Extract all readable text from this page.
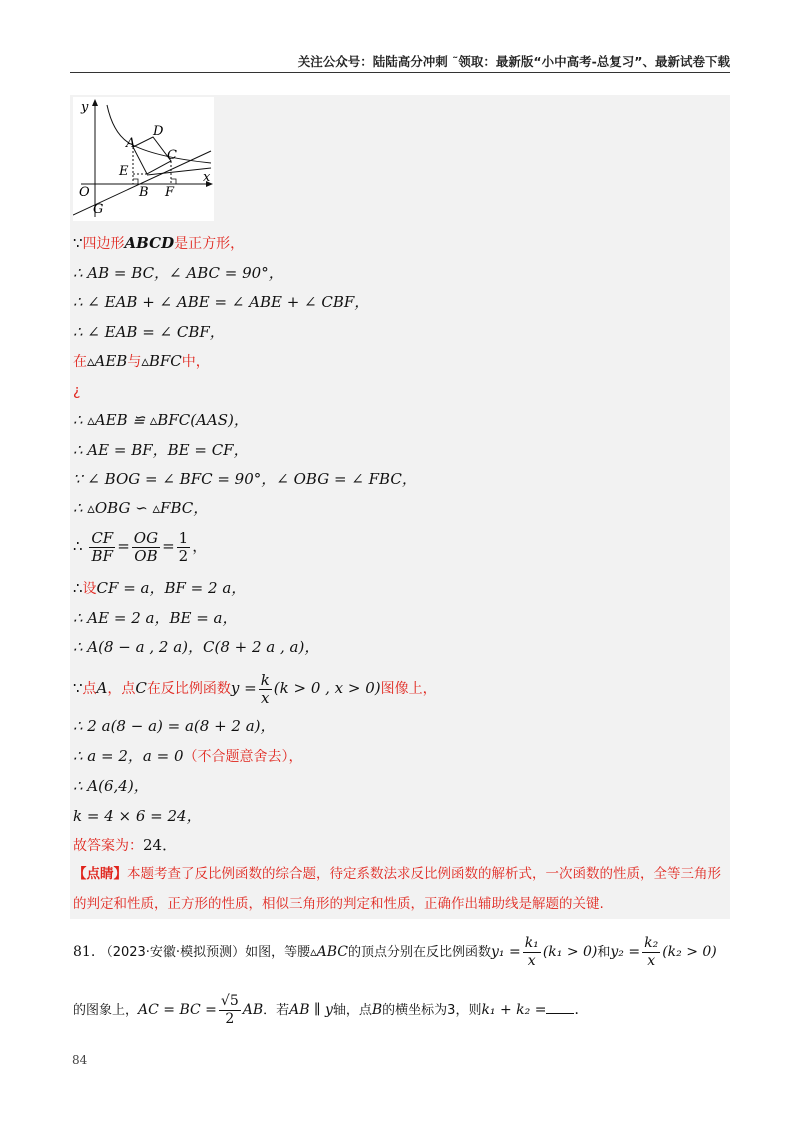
关注公众号：陆陆高分冲刺 ˜领取：最新版“小中高考-总复习”、最新试卷下载
y
x
O
A
B
C
D
E
F
G
∵四边形ABCD是正方形，
∴ AB = BC，∠ ABC = 90°，
∴ ∠ EAB + ∠ ABE = ∠ ABE + ∠ CBF，
∴ ∠ EAB = ∠ CBF，
在▵AEB与▵BFC中，
¿
∴ ▵AEB ≌ ▵BFC(AAS)，
∴ AE = BF，BE = CF，
∵ ∠ BOG = ∠ BFC = 90°，∠ OBG = ∠ FBC，
∴ ▵OBG ∽ ▵FBC，
∴ $\frac{CF}{BF} = \frac{OG}{OB} = \frac{1}{2}$ ，
∴设CF = a，BF = 2 a，
∴ AE = 2 a，BE = a，
∴ A(8 − a , 2 a)，C(8 + 2 a , a)，
∵点A，点C在反比例函数$y = \frac{k}{x} (k > 0$ , x > 0)图像上，
∴ 2 a(8 − a) = a(8 + 2 a)，
∴ a = 2，a = 0（不合题意舍去），
∴ A(6,4)，
k = 4 × 6 = 24，
故答案为：24．
【点睛】本题考查了反比例函数的综合题，待定系数法求反比例函数的解析式，一次函数的性质，全等三角形的判定和性质，正方形的性质，相似三角形的判定和性质，正确作出辅助线是解题的关键.
81. （2023·安徽·模拟预测）如图，等腰▵ABC的顶点分别在反比例函数$y_1 = \frac{\text{k₁}}{x} (k_1 > 0)$和$y_2 = \frac{\text{k₂}}{x} (k_2 > 0)$
的图象上，AC = BC = $\frac{√5}{2}$ AB．若AB ∥ y轴，点B的横坐标为3，则k₁ + k₂ = ．
84
